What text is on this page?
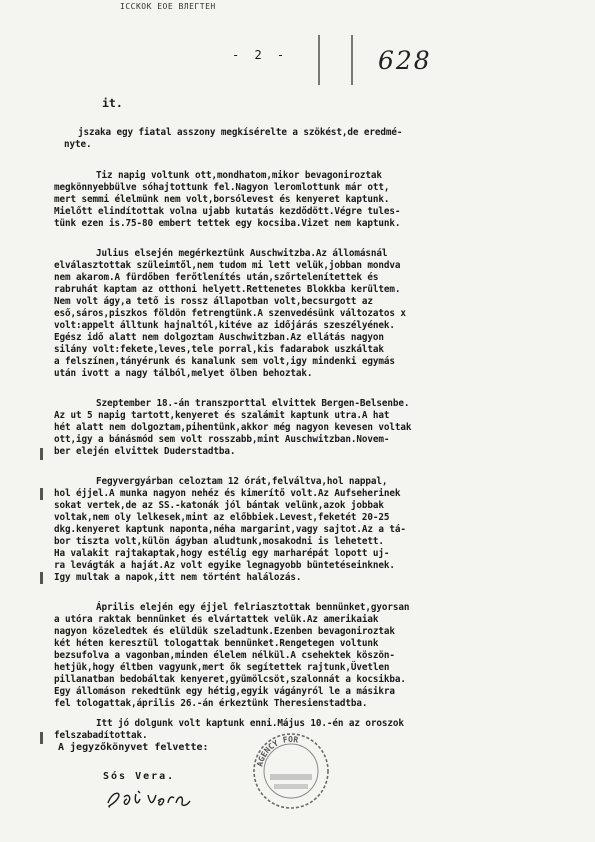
ІССКОК ЕОЕ ВЛЕГТЕН
- 2 -	628
it.
jszaka egy fiatal asszony megkísérelte a szökést,de eredmé-
nyte.
Tiz napig voltunk ott,mondhatom,mikor bevagoniroztak
megkönnyebbülve sóhajtottunk fel.Nagyon leromlottunk már ott,
mert semmi élelmünk nem volt,borsólevest és kenyeret kaptunk.
Mielőtt elindítottak volna ujabb kutatás kezdődött.Végre tules-
tünk ezen is.75-80 embert tettek egy kocsiba.Vizet nem kaptunk.
Julius elsején megérkeztünk Auschwitzba.Az állomásnál
elválasztottak szüleimtől,nem tudom mi lett velük,jobban mondva
nem akarom.A fürdőben ferőtlenítés után,szőrtelenítettek és
rabruhát kaptam az otthoni helyett.Rettenetes Blokkba kerültem.
Nem volt ágy,a tető is rossz állapotban volt,becsurgott az
eső,sáros,piszkos földön fetrengtünk.A szenvedésünk változatos x
volt:appelt álltunk hajnaltól,kitéve az időjárás szeszélyének.
Egész idő alatt nem dolgoztam Auschwitzban.Az ellátás nagyon
silány volt:fekete,leves,tele porral,kis fadarabok uszkáltak
a felszínen,tányérunk és kanalunk sem volt,igy mindenki egymás
után ivott a nagy tálból,melyet ölben behoztak.
Szeptember 18.-án transzporttal elvittek Bergen-Belsenbe.
Az ut 5 napig tartott,kenyeret és szalámit kaptunk utra.A hat
hét alatt nem dolgoztam,pihentünk,akkor még nagyon kevesen voltak
ott,igy a bánásmód sem volt rosszabb,mint Auschwitzban.Novem-
ber elején elvittek Duderstadtba.
Fegyvergyárban celoztam 12 órát,felváltva,hol nappal,
hol éjjel.A munka nagyon nehéz és kimerítő volt.Az Aufseherinek
sokat vertek,de az SS.-katonák jól bántak velünk,azok jobbak
voltak,nem oly lelkesek,mint az előbbiek.Levest,feketét 20-25
dkg.kenyeret kaptunk naponta,néha margarint,vagy sajtot.Az a tá-
bor tiszta volt,külön ágyban aludtunk,mosakodni is lehetett.
Ha valakit rajtakaptak,hogy estélig egy marharépát lopott uj-
ra levágták a haját.Az volt egyike legnagyobb büntetéseinknek.
Igy multak a napok,itt nem történt halálozás.
Április elején egy éjjel felriasztottak bennünket,gyorsan
a utóra raktak bennünket és elvártattek velük.Az amerikaiak
nagyon közeledtek és elüldük szeladtunk.Ezenben bevagoniroztak
két héten keresztül tologattak bennünket.Rengetegen voltunk
bezsufolva a vagonban,minden élelem nélkül.A csehektek köszön-
hetjük,hogy éltben vagyunk,mert ők segítettek rajtunk,Üvetlen
pillanatban bedobáltak kenyeret,gyümölcsöt,szalonnát a kocsikba.
Egy állomáson rekedtünk egy hétig,egyik vágányról le a másikra
fel tologattak,április 26.-án érkeztünk Theresienstadtba.
Itt jó dolgunk volt kaptunk enni.Május 10.-én az oroszok
felszabadítottak.
A jegyzőkönyvet felvette:
Sós Vera.
AGENCY FOR
